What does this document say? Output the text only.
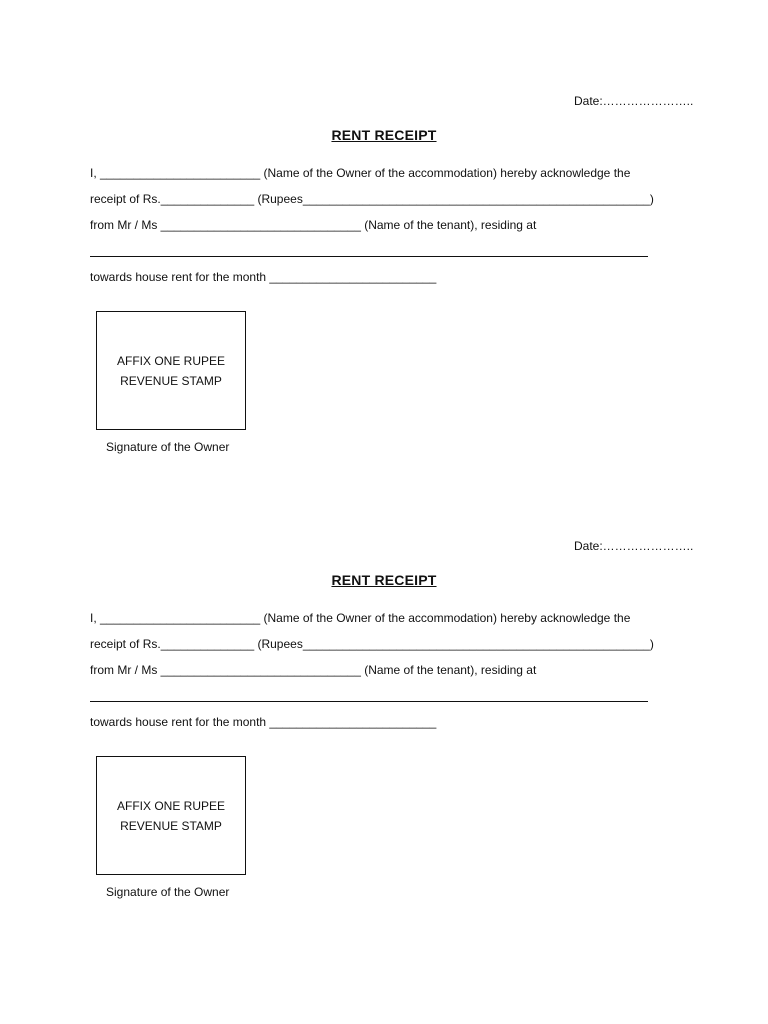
Date:…………………..
RENT RECEIPT
I, ________________________ (Name of the Owner of the accommodation) hereby acknowledge the
receipt of Rs.______________ (Rupees____________________________________________________)
from Mr / Ms ______________________________ (Name of the tenant), residing at
towards house rent for the month _________________________
AFFIX ONE RUPEE
REVENUE STAMP
Signature of the Owner
Date:…………………..
RENT RECEIPT
I, ________________________ (Name of the Owner of the accommodation) hereby acknowledge the
receipt of Rs.______________ (Rupees____________________________________________________)
from Mr / Ms ______________________________ (Name of the tenant), residing at
towards house rent for the month _________________________
AFFIX ONE RUPEE
REVENUE STAMP
Signature of the Owner
